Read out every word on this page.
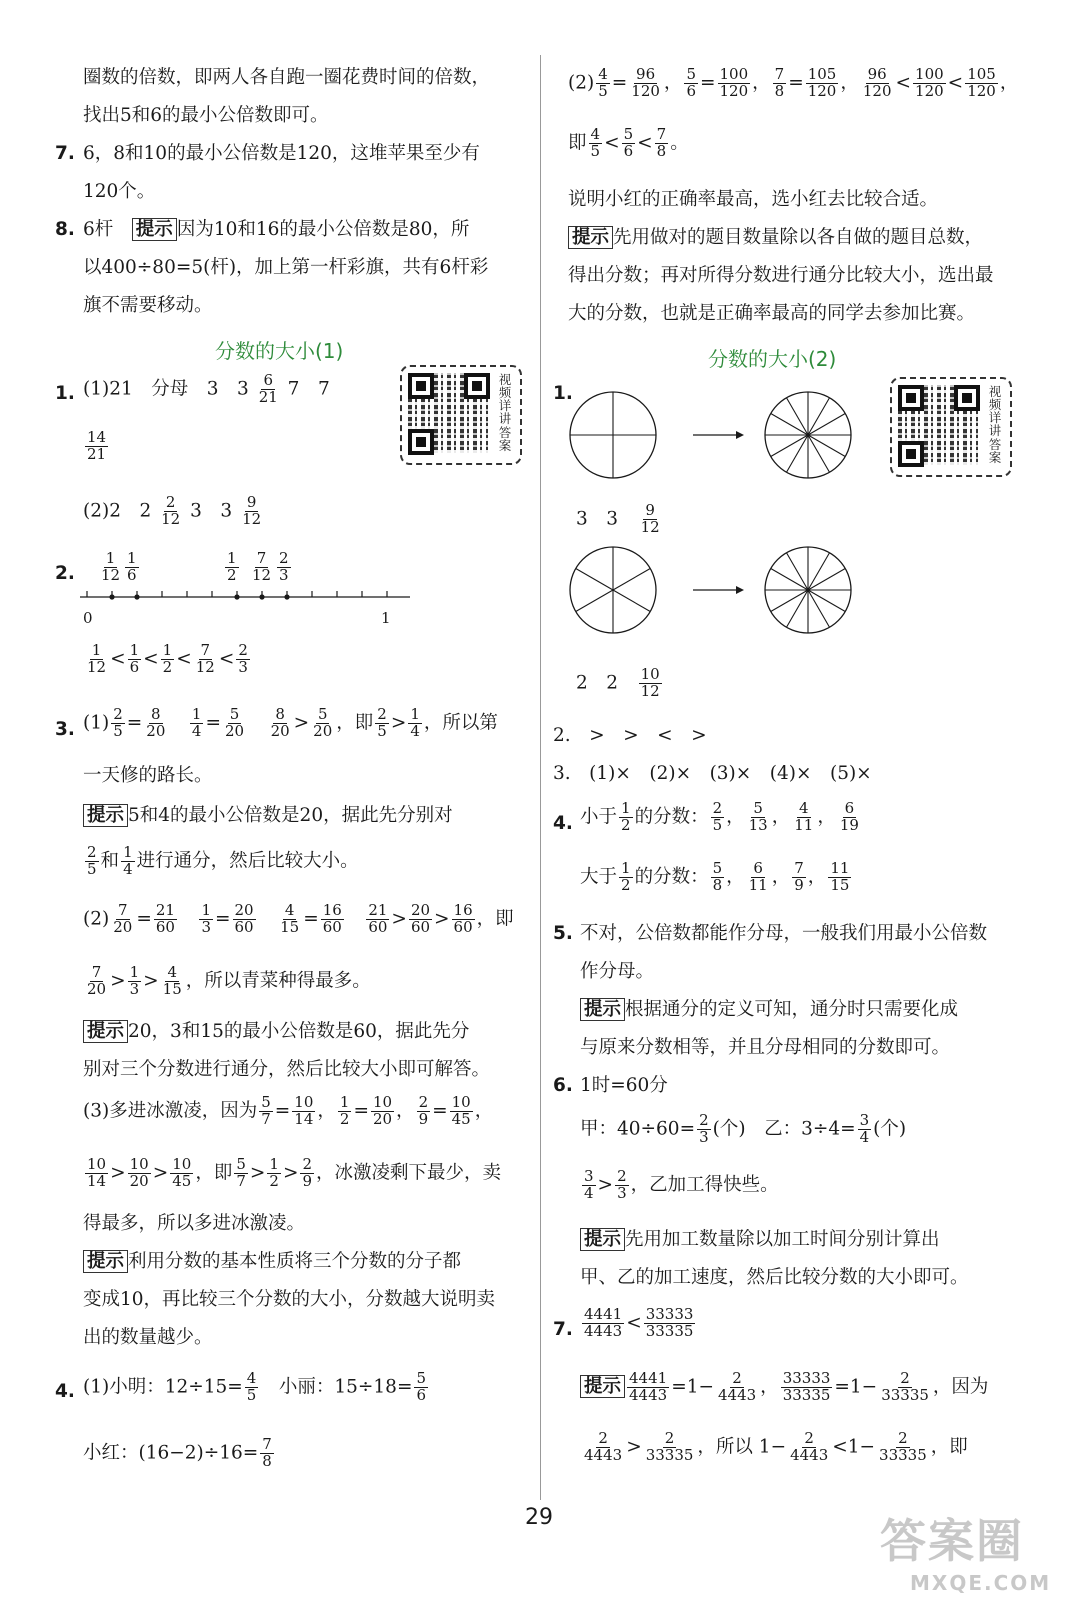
圈数的倍数，即两人各自跑一圈花费时间的倍数，
找出5和6的最小公倍数即可。
7. 6，8和10的最小公倍数是120，这堆苹果至少有
120个。
8. 6杆　 提示 因为10和16的最小公倍数是80，所
以400÷80=5(杆)，加上第一杆彩旗，共有6杆彩
旗不需要移动。
分数的大小(1)
视频详讲答案
1. (1)21　分母　3　$3 \frac{6}{21} 7$　7
$\frac{14}{21}$
(2)2　$2 \frac{2}{12} 3$　$3 \frac{9}{12}$
2. $\frac{1}{12} \frac{1}{6}$	$\frac{1}{2} \frac{7}{12} \frac{2}{3}$
0	1
$\frac{1}{12} < \frac{1}{6} < \frac{1}{2} < \frac{7}{12} < \frac{2}{3}$
3. $(1) \frac{2}{5} = \frac{8}{20}$
　 $\frac{1}{4} = \frac{5}{20}$
　 $\frac{8}{20} > \frac{5}{20}$ ，即 $\frac{2}{5} > \frac{1}{4}$ ，所以第
一天修的路长。
提示 5和4的最小公倍数是20，据此先分别对
$\frac{2}{5}$ 和 $\frac{1}{4}$ 进行通分，然后比较大小。
$(2) \frac{7}{20} = \frac{21}{60}$
　 $\frac{1}{3} = \frac{20}{60}$
　 $\frac{4}{15} = \frac{16}{60}$
　 $\frac{21}{60} > \frac{20}{60} > \frac{16}{60}$ ，即
$\frac{7}{20} > \frac{1}{3} > \frac{4}{15}$ ，所以青菜种得最多。
提示 20，3和15的最小公倍数是60，据此先分
别对三个分数进行通分，然后比较大小即可解答。
(3)多进冰激凌，因为 $\frac{5}{7} = \frac{10}{14}$ ， $\frac{1}{2} = \frac{10}{20}$ ， $\frac{2}{9} = \frac{10}{45}$ ，
$\frac{10}{14} > \frac{10}{20} > \frac{10}{45}$ ，即 $\frac{5}{7} > \frac{1}{2} > \frac{2}{9}$ ，冰激凌剩下最少，卖
得最多，所以多进冰激凌。
提示 利用分数的基本性质将三个分数的分子都
变成10，再比较三个分数的大小，分数越大说明卖
出的数量越少。
4. (1)小明：$12\div 15= \frac{4}{5}$
　 小丽：$15\div 18= \frac{5}{6}$
小红：$(16-2)\div 16= \frac{7}{8}$
$(2) \frac{4}{5} = \frac{96}{120}$ ， $\frac{5}{6} = \frac{100}{120}$ ， $\frac{7}{8} = \frac{105}{120}$ ， $\frac{96}{120} < \frac{100}{120} < \frac{105}{120}$ ，
即 $\frac{4}{5} < \frac{5}{6} < \frac{7}{8}$ 。
说明小红的正确率最高，选小红去比较合适。
提示 先用做对的题目数量除以各自做的题目总数，
得出分数；再对所得分数进行通分比较大小，选出最
大的分数，也就是正确率最高的同学去参加比赛。
分数的大小(2)
视频详讲答案
1.
3　3　 $\frac{9}{12}$
2　2　 $\frac{10}{12}$
2.　>　>　<　>
3.　(1)×　(2)×　(3)×　(4)×　(5)×
4. 小于 $\frac{1}{2}$ 的分数： $\frac{2}{5}$ ， $\frac{5}{13}$ ， $\frac{4}{11}$ ， $\frac{6}{19}$
大于 $\frac{1}{2}$ 的分数： $\frac{5}{8}$ ， $\frac{6}{11}$ ， $\frac{7}{9}$ ， $\frac{11}{15}$
5. 不对，公倍数都能作分母，一般我们用最小公倍数
作分母。
提示 根据通分的定义可知，通分时只需要化成
与原来分数相等，并且分母相同的分数即可。
6. 1时=60分
甲：$40\div 60= \frac{2}{3}$ (个)　乙：$3\div 4= \frac{3}{4}$ (个)
$\frac{3}{4} > \frac{2}{3}$ ，乙加工得快些。
提示 先用加工数量除以加工时间分别计算出
甲、乙的加工速度，然后比较分数的大小即可。
7. $\frac{4441}{4443} < \frac{33333}{33335}$
提示 $\frac{4441}{4443} =1- \frac{2}{4443}$ ， $\frac{33333}{33335} =1- \frac{2}{33335}$ ，因为
$\frac{2}{4443} > \frac{2}{33335}$ ，所以 $1- \frac{2}{4443} <1- \frac{2}{33335}$ ，即
29	答案圈
MXQE.COM
